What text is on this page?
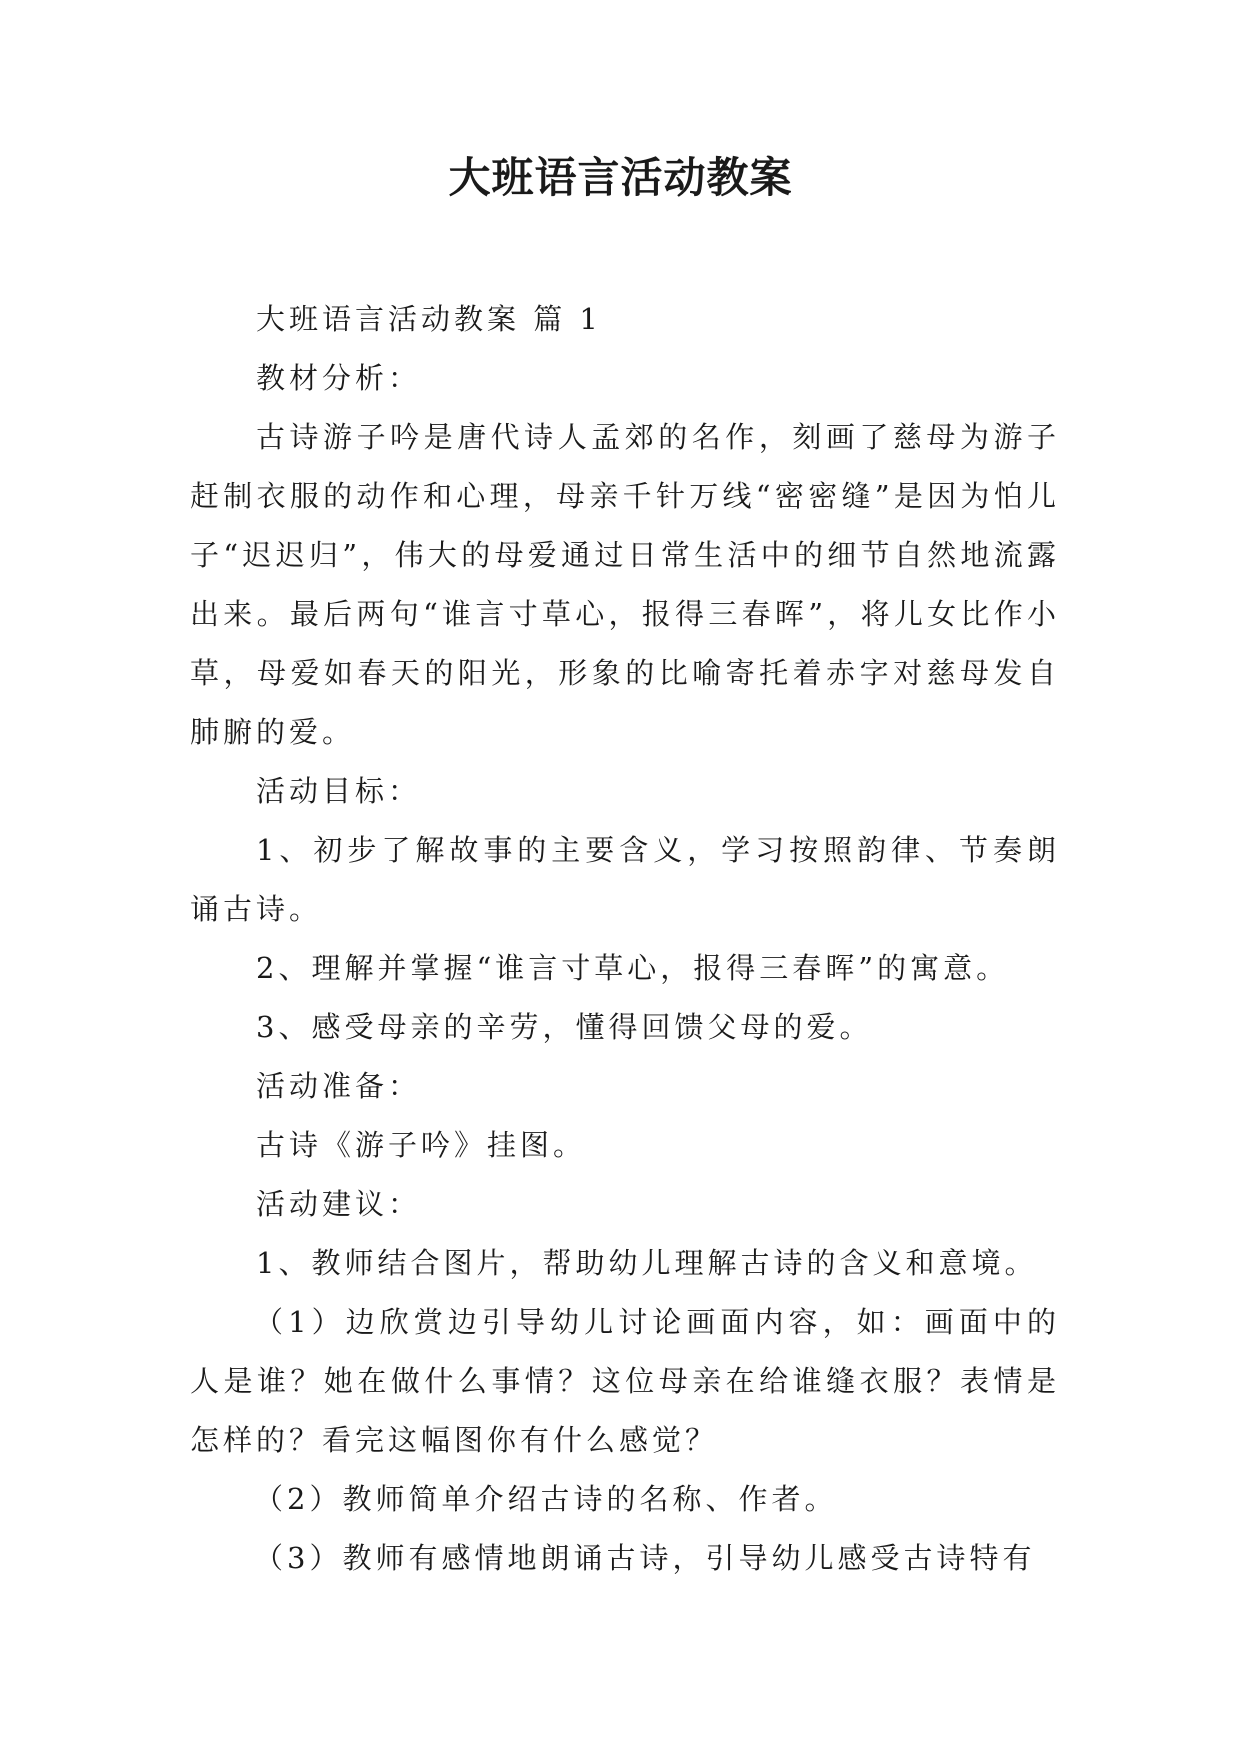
大班语言活动教案

大班语言活动教案 篇 1

教材分析：

古诗游子吟是唐代诗人孟郊的名作，刻画了慈母为游子赶制衣服的动作和心理，母亲千针万线“密密缝”是因为怕儿子“迟迟归”，伟大的母爱通过日常生活中的细节自然地流露出来。最后两句“谁言寸草心，报得三春晖”，将儿女比作小草，母爱如春天的阳光，形象的比喻寄托着赤字对慈母发自肺腑的爱。

活动目标：

1、初步了解故事的主要含义，学习按照韵律、节奏朗诵古诗。

2、理解并掌握“谁言寸草心，报得三春晖”的寓意。

3、感受母亲的辛劳，懂得回馈父母的爱。

活动准备：

古诗《游子吟》挂图。

活动建议：

1、教师结合图片，帮助幼儿理解古诗的含义和意境。

（1）边欣赏边引导幼儿讨论画面内容，如：画面中的人是谁？她在做什么事情？这位母亲在给谁缝衣服？表情是怎样的？看完这幅图你有什么感觉？

（2）教师简单介绍古诗的名称、作者。

（3）教师有感情地朗诵古诗，引导幼儿感受古诗特有
